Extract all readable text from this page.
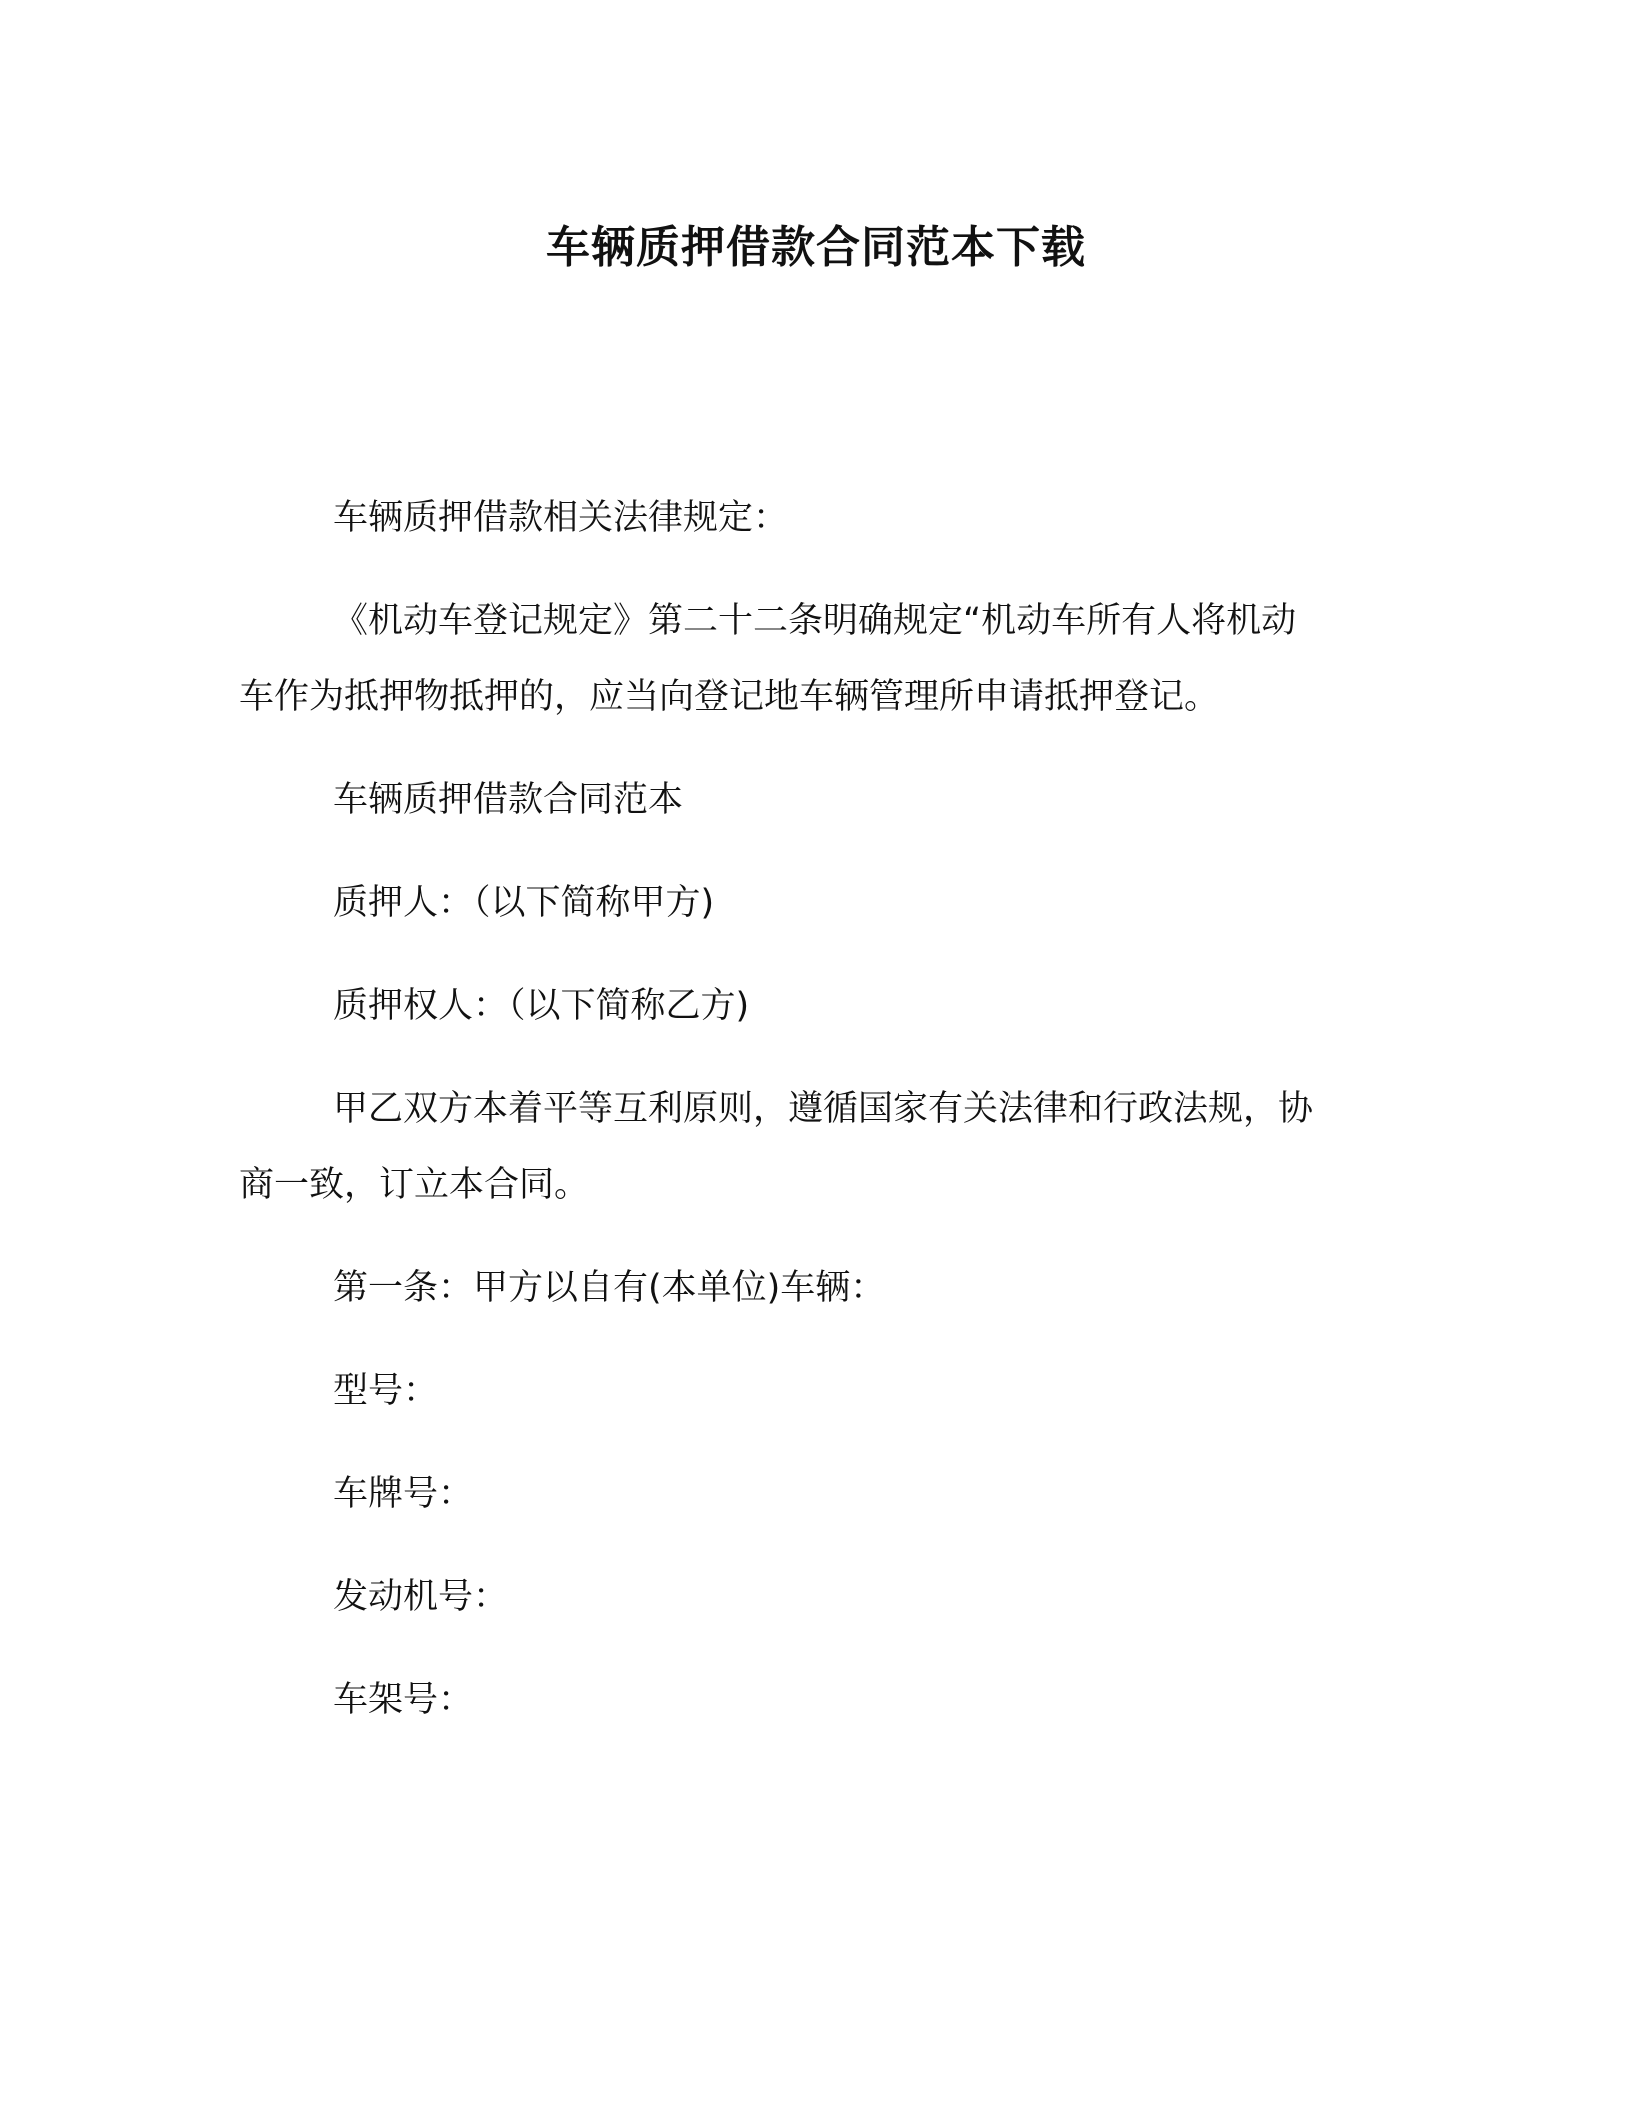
车辆质押借款合同范本下载

车辆质押借款相关法律规定：

《机动车登记规定》第二十二条明确规定“机动车所有人将机动

车作为抵押物抵押的，应当向登记地车辆管理所申请抵押登记。

车辆质押借款合同范本

质押人：（以下简称甲方)

质押权人：（以下简称乙方)

甲乙双方本着平等互利原则，遵循国家有关法律和行政法规，协

商一致，订立本合同。

第一条：甲方以自有(本单位)车辆：

型号：

车牌号：

发动机号：

车架号：
